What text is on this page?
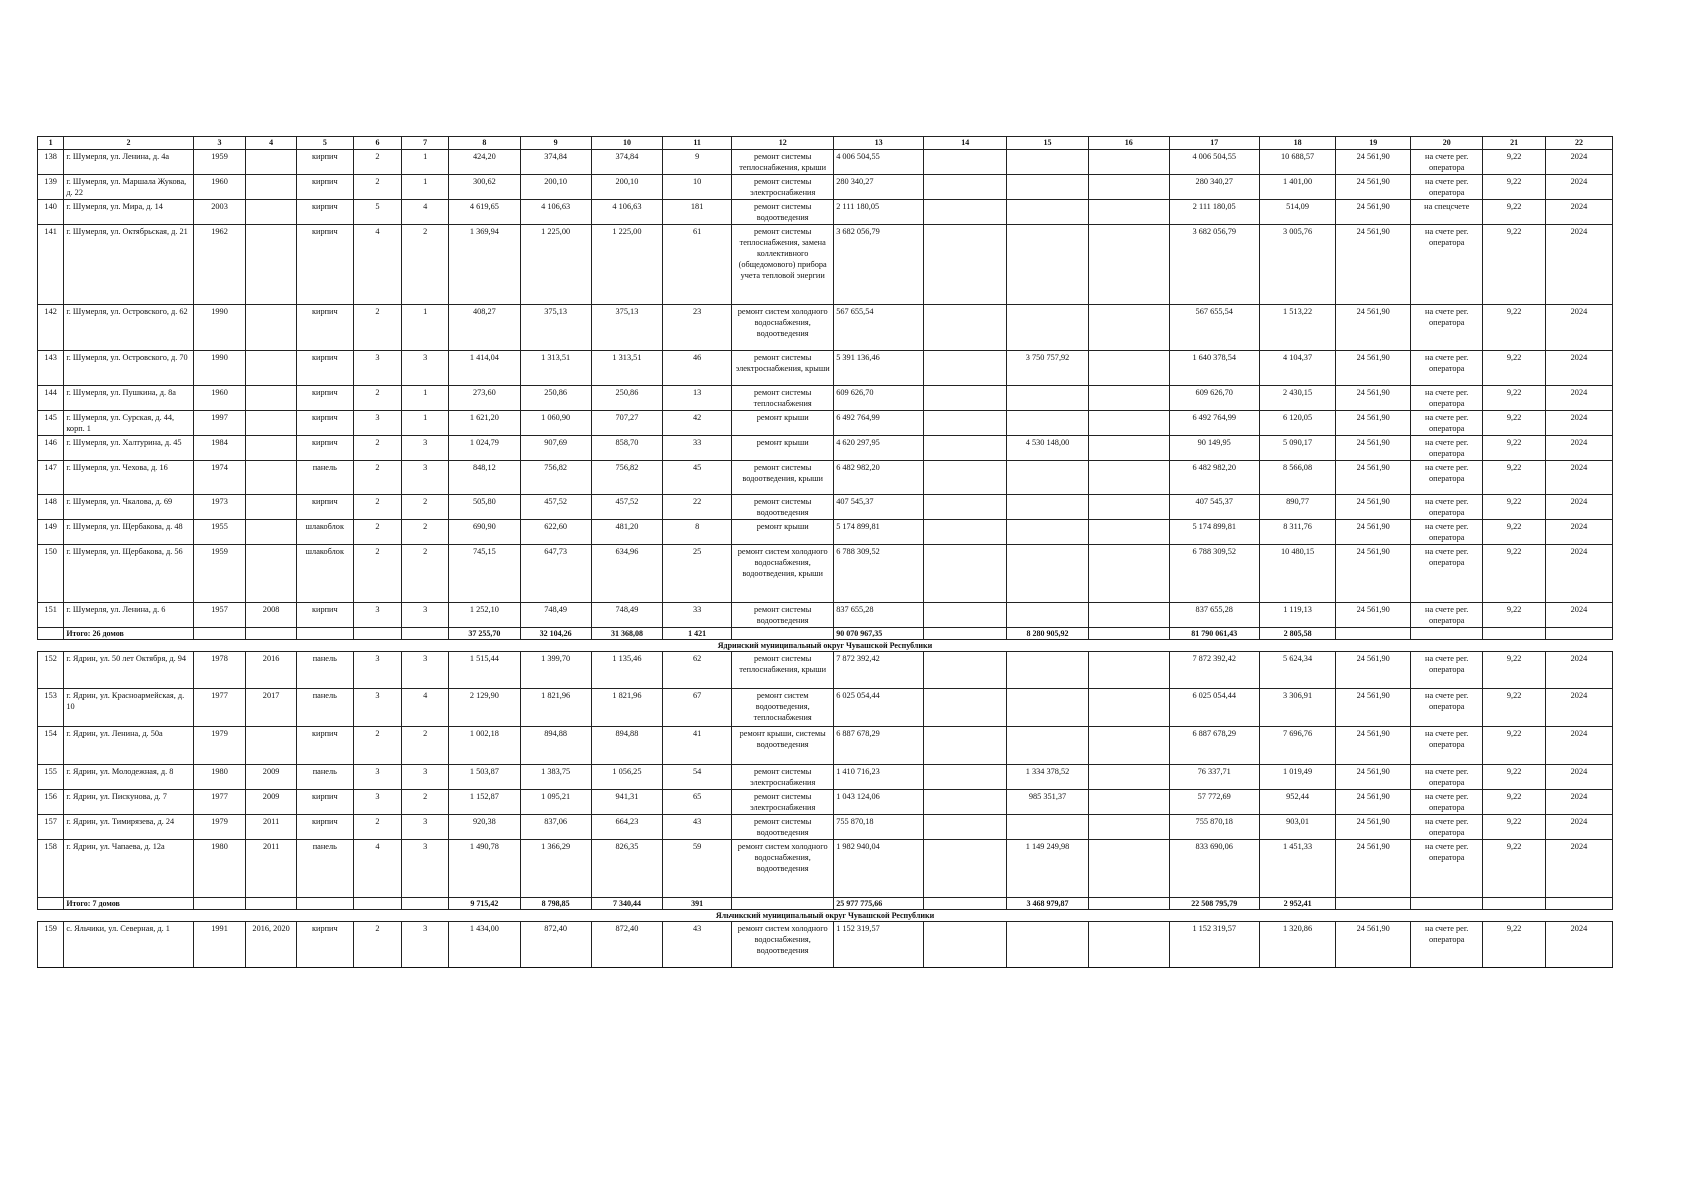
1	2	3	4	5	6	7	8	9	10	11	12	13	14	15	16	17	18	19	20	21	22
138	г. Шумерля, ул. Ленина, д. 4а	1959		кирпич	2	1	424,20	374,84	374,84	9	ремонт системы теплоснабжения, крыши	4 006 504,55				4 006 504,55	10 688,57	24 561,90	на счете рег. оператора	9,22	2024
139	г. Шумерля, ул. Маршала Жукова, д. 22	1960		кирпич	2	1	300,62	200,10	200,10	10	ремонт системы электроснабжения	280 340,27				280 340,27	1 401,00	24 561,90	на счете рег. оператора	9,22	2024
140	г. Шумерля, ул. Мира, д. 14	2003		кирпич	5	4	4 619,65	4 106,63	4 106,63	181	ремонт системы водоотведения	2 111 180,05				2 111 180,05	514,09	24 561,90	на спецсчете	9,22	2024
141	г. Шумерля, ул. Октябрьская, д. 21	1962		кирпич	4	2	1 369,94	1 225,00	1 225,00	61	ремонт системы теплоснабжения, замена коллективного (общедомового) прибора учета тепловой энергии	3 682 056,79				3 682 056,79	3 005,76	24 561,90	на счете рег. оператора	9,22	2024
142	г. Шумерля, ул. Островского, д. 62	1990		кирпич	2	1	408,27	375,13	375,13	23	ремонт систем холодного водоснабжения, водоотведения	567 655,54				567 655,54	1 513,22	24 561,90	на счете рег. оператора	9,22	2024
143	г. Шумерля, ул. Островского, д. 70	1990		кирпич	3	3	1 414,04	1 313,51	1 313,51	46	ремонт системы электроснабжения, крыши	5 391 136,46		3 750 757,92		1 640 378,54	4 104,37	24 561,90	на счете рег. оператора	9,22	2024
144	г. Шумерля, ул. Пушкина, д. 8а	1960		кирпич	2	1	273,60	250,86	250,86	13	ремонт системы теплоснабжения	609 626,70				609 626,70	2 430,15	24 561,90	на счете рег. оператора	9,22	2024
145	г. Шумерля, ул. Сурская, д. 44, корп. 1	1997		кирпич	3	1	1 621,20	1 060,90	707,27	42	ремонт крыши	6 492 764,99				6 492 764,99	6 120,05	24 561,90	на счете рег. оператора	9,22	2024
146	г. Шумерля, ул. Халтурина, д. 45	1984		кирпич	2	3	1 024,79	907,69	858,70	33	ремонт крыши	4 620 297,95		4 530 148,00		90 149,95	5 090,17	24 561,90	на счете рег. оператора	9,22	2024
147	г. Шумерля, ул. Чехова, д. 16	1974		панель	2	3	848,12	756,82	756,82	45	ремонт системы водоотведения, крыши	6 482 982,20				6 482 982,20	8 566,08	24 561,90	на счете рег. оператора	9,22	2024
148	г. Шумерля, ул. Чкалова, д. 69	1973		кирпич	2	2	505,80	457,52	457,52	22	ремонт системы водоотведения	407 545,37				407 545,37	890,77	24 561,90	на счете рег. оператора	9,22	2024
149	г. Шумерля, ул. Щербакова, д. 48	1955		шлакоблок	2	2	690,90	622,60	481,20	8	ремонт крыши	5 174 899,81				5 174 899,81	8 311,76	24 561,90	на счете рег. оператора	9,22	2024
150	г. Шумерля, ул. Щербакова, д. 56	1959		шлакоблок	2	2	745,15	647,73	634,96	25	ремонт систем холодного водоснабжения, водоотведения, крыши	6 788 309,52				6 788 309,52	10 480,15	24 561,90	на счете рег. оператора	9,22	2024
151	г. Шумерля, ул. Ленина, д. 6	1957	2008	кирпич	3	3	1 252,10	748,49	748,49	33	ремонт системы водоотведения	837 655,28				837 655,28	1 119,13	24 561,90	на счете рег. оператора	9,22	2024
	Итого: 26 домов						37 255,70	32 104,26	31 368,08	1 421		90 070 967,35		8 280 905,92		81 790 061,43	2 805,58				
Ядринский муниципальный округ Чувашской Республики																					
152	г. Ядрин, ул. 50 лет Октября, д. 94	1978	2016	панель	3	3	1 515,44	1 399,70	1 135,46	62	ремонт системы теплоснабжения, крыши	7 872 392,42				7 872 392,42	5 624,34	24 561,90	на счете рег. оператора	9,22	2024
153	г. Ядрин, ул. Красноармейская, д. 10	1977	2017	панель	3	4	2 129,90	1 821,96	1 821,96	67	ремонт систем водоотведения, теплоснабжения	6 025 054,44				6 025 054,44	3 306,91	24 561,90	на счете рег. оператора	9,22	2024
154	г. Ядрин, ул. Ленина, д. 50а	1979		кирпич	2	2	1 002,18	894,88	894,88	41	ремонт крыши, системы водоотведения	6 887 678,29				6 887 678,29	7 696,76	24 561,90	на счете рег. оператора	9,22	2024
155	г. Ядрин, ул. Молодежная, д. 8	1980	2009	панель	3	3	1 503,87	1 383,75	1 056,25	54	ремонт системы электроснабжения	1 410 716,23		1 334 378,52		76 337,71	1 019,49	24 561,90	на счете рег. оператора	9,22	2024
156	г. Ядрин, ул. Пискунова, д. 7	1977	2009	кирпич	3	2	1 152,87	1 095,21	941,31	65	ремонт системы электроснабжения	1 043 124,06		985 351,37		57 772,69	952,44	24 561,90	на счете рег. оператора	9,22	2024
157	г. Ядрин, ул. Тимирязева, д. 24	1979	2011	кирпич	2	3	920,38	837,06	664,23	43	ремонт системы водоотведения	755 870,18				755 870,18	903,01	24 561,90	на счете рег. оператора	9,22	2024
158	г. Ядрин, ул. Чапаева, д. 12а	1980	2011	панель	4	3	1 490,78	1 366,29	826,35	59	ремонт систем холодного водоснабжения, водоотведения	1 982 940,04		1 149 249,98		833 690,06	1 451,33	24 561,90	на счете рег. оператора	9,22	2024
	Итого: 7 домов						9 715,42	8 798,85	7 340,44	391		25 977 775,66		3 468 979,87		22 508 795,79	2 952,41				
Яльчикский муниципальный округ Чувашской Республики																					
159	с. Яльчики, ул. Северная, д. 1	1991	2016, 2020	кирпич	2	3	1 434,00	872,40	872,40	43	ремонт систем холодного водоснабжения, водоотведения	1 152 319,57				1 152 319,57	1 320,86	24 561,90	на счете рег. оператора	9,22	2024
